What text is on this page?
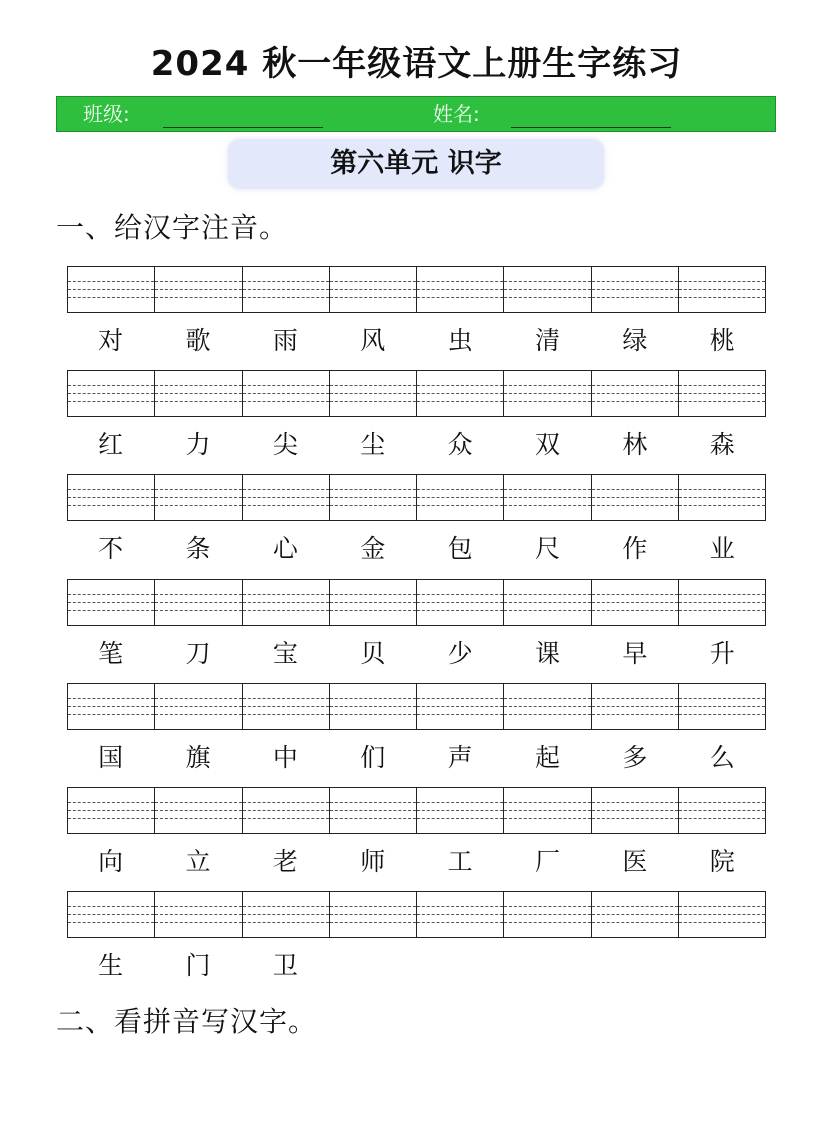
2024 秋一年级语文上册生字练习
班级:	姓名:
第六单元 识字
一、给汉字注音。
对	歌	雨	风	虫	清	绿	桃
红	力	尖	尘	众	双	林	森
不	条	心	金	包	尺	作	业
笔	刀	宝	贝	少	课	早	升
国	旗	中	们	声	起	多	么
向	立	老	师	工	厂	医	院
生	门	卫
二、看拼音写汉字。
